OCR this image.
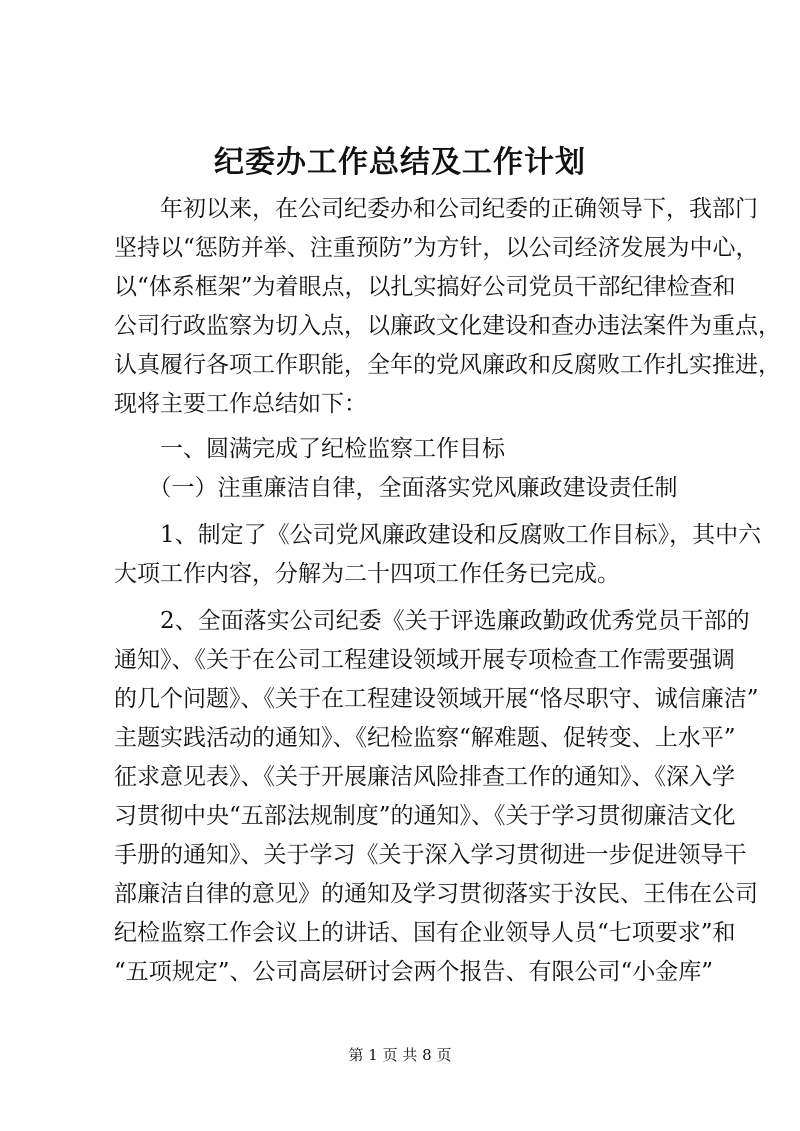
纪委办工作总结及工作计划
　　年初以来，在公司纪委办和公司纪委的正确领导下，我部门
坚持以“惩防并举、注重预防”为方针，以公司经济发展为中心，
以“体系框架”为着眼点，以扎实搞好公司党员干部纪律检查和
公司行政监察为切入点，以廉政文化建设和查办违法案件为重点，
认真履行各项工作职能，全年的党风廉政和反腐败工作扎实推进，
现将主要工作总结如下：
　　一、圆满完成了纪检监察工作目标
　　（一）注重廉洁自律，全面落实党风廉政建设责任制
　　1、制定了《公司党风廉政建设和反腐败工作目标》，其中六
大项工作内容，分解为二十四项工作任务已完成。
　　2、全面落实公司纪委《关于评选廉政勤政优秀党员干部的
通知》、《关于在公司工程建设领域开展专项检查工作需要强调
的几个问题》、《关于在工程建设领域开展“恪尽职守、诚信廉洁”
主题实践活动的通知》、《纪检监察“解难题、促转变、上水平”
征求意见表》、《关于开展廉洁风险排查工作的通知》、《深入学
习贯彻中央“五部法规制度”的通知》、《关于学习贯彻廉洁文化
手册的通知》、关于学习《关于深入学习贯彻进一步促进领导干
部廉洁自律的意见》的通知及学习贯彻落实于汝民、王伟在公司
纪检监察工作会议上的讲话、国有企业领导人员“七项要求”和
“五项规定”、公司高层研讨会两个报告、有限公司“小金库”
第 1 页 共 8 页
